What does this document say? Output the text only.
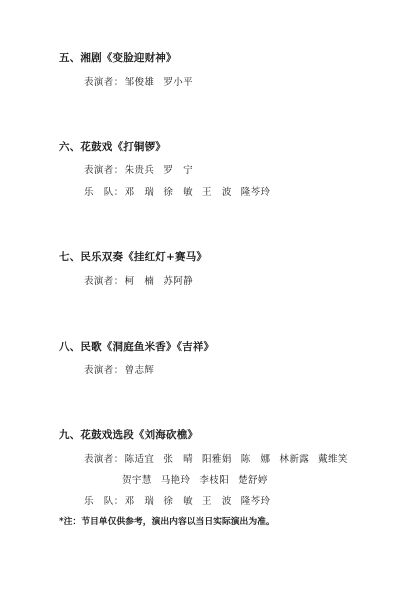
五、湘剧《变脸迎财神》
表演者：邹俊雄 罗小平
六、花鼓戏《打铜锣》
表演者：朱贵兵 罗　宁
乐　队：邓　瑞 徐　敏 王　波 隆芩玲
七、民乐双奏《挂红灯+赛马》
表演者：柯　楠 苏阿静
八、民歌《洞庭鱼米香》《吉祥》
表演者：曾志辉
九、花鼓戏选段《刘海砍樵》
表演者：陈适宜 张　晴 阳雅娟 陈　娜 林新露 戴维笑
贺宇慧 马艳玲 李枝阳 楚舒婷
乐　队：邓　瑞 徐　敏 王　波 隆芩玲
*注：节目单仅供参考，演出内容以当日实际演出为准。
